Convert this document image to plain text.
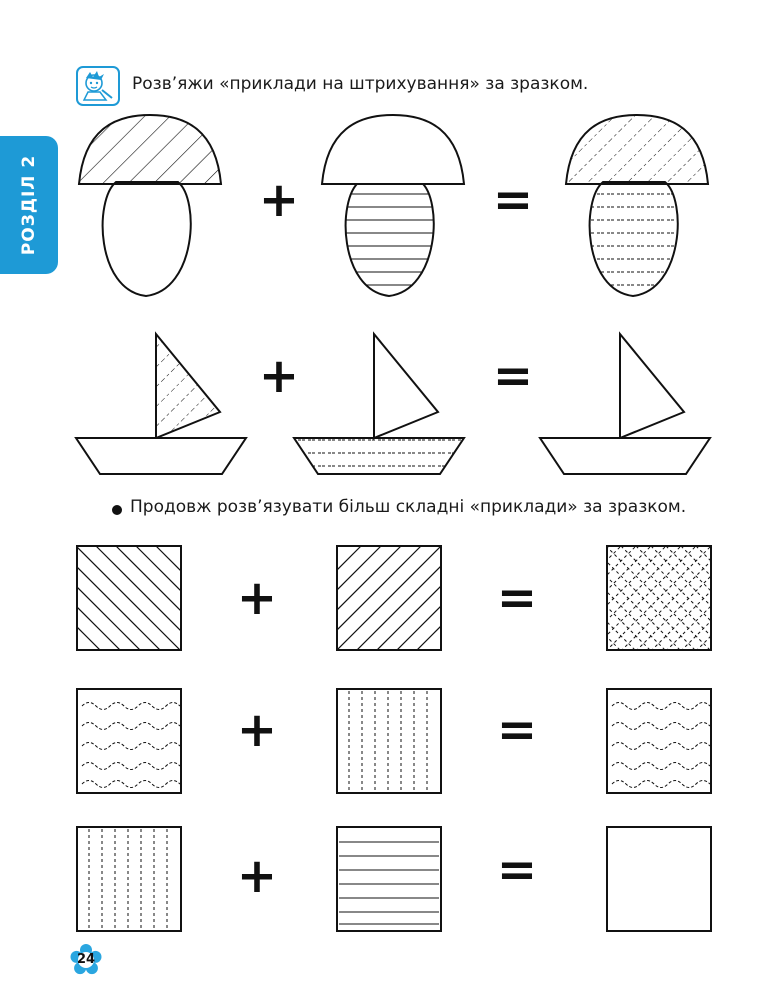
РОЗДІЛ 2
Розв’яжи «приклади на штрихування» за зразком.
Продовж розв’язувати більш складні «приклади» за зразком.
+	=
+	=
+	=
+	=
+	=
24
